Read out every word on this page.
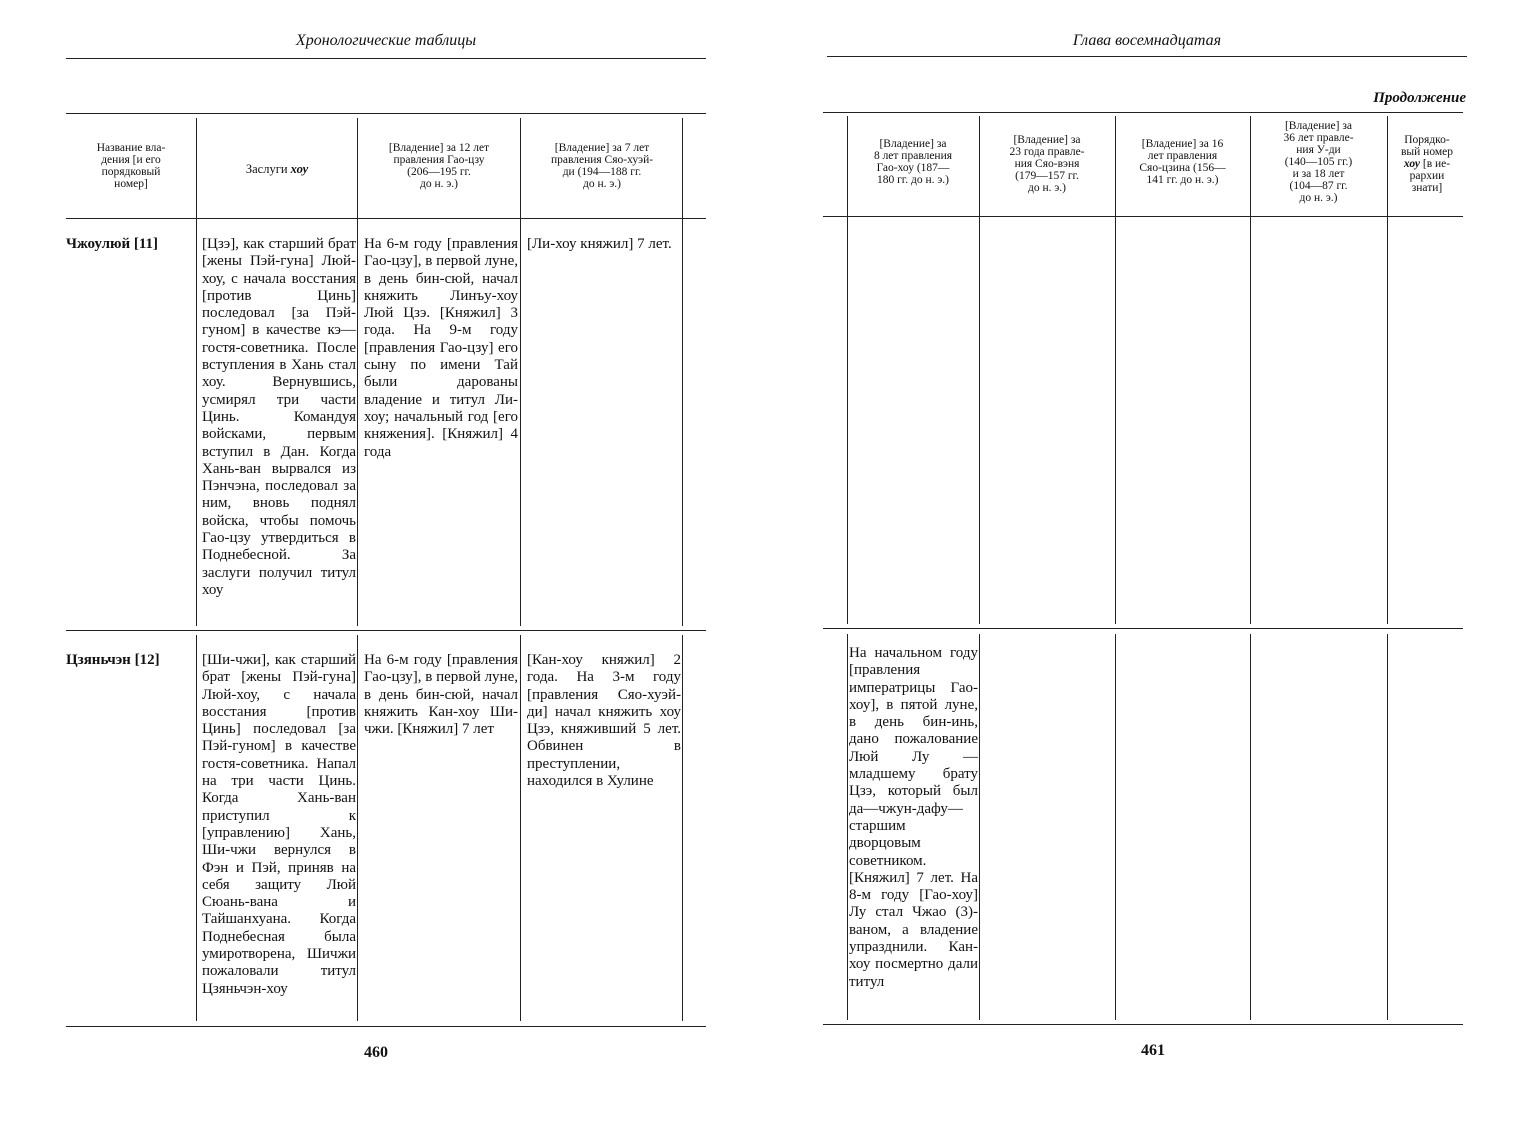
Хронологические таблицы
Название вла-
дения [и его
порядковый
номер]
Заслуги хоу
[Владение] за 12 лет
правления Гао-цзу
(206—195 гг.
до н. э.)
[Владение] за 7 лет
правления Сяо-хуэй-
ди (194—188 гг.
до н. э.)
Чжоулюй [11]	[Цзэ], как старший брат [жены Пэй-гуна] Люй-хоу, с начала восстания [против Цинь] последовал [за Пэй-гуном] в качестве кэ—гостя-советника. После вступления в Хань стал хоу. Вернувшись, усмирял три части Цинь. Командуя войсками, первым вступил в Дан. Когда Хань-ван вырвался из Пэнчэна, последовал за ним, вновь поднял войска, чтобы помочь Гао-цзу утвердиться в Поднебесной. За заслуги получил титул хоу
На 6-м году [правления Гао-цзу], в первой луне, в день бин-сюй, начал княжить Линъу-хоу Люй Цзэ. [Княжил] 3 года. На 9-м году [правления Гао-цзу] его сыну по имени Тай были дарованы владение и титул Ли-хоу; начальный год [его княжения]. [Княжил] 4 года
[Ли-хоу княжил] 7 лет.
Цзяньчэн [12]	[Ши-чжи], как старший брат [жены Пэй-гуна] Люй-хоу, с начала восстания [против Цинь] последовал [за Пэй-гуном] в качестве гостя-советника. Напал на три части Цинь. Когда Хань-ван приступил к [управлению] Хань, Ши-чжи вернулся в Фэн и Пэй, приняв на себя защиту Люй Сюань-вана и Тайшанхуана. Когда Поднебесная была умиротворена, Шичжи пожаловали титул Цзяньчэн-хоу
На 6-м году [правления Гао-цзу], в первой луне, в день бин-сюй, начал княжить Кан-хоу Ши-чжи. [Княжил] 7 лет
[Кан-хоу княжил] 2 года. На 3-м году [правления Сяо-хуэй-ди] начал княжить хоу Цзэ, княживший 5 лет. Обвинен в преступлении, находился в Хулине
460
Глава восемнадцатая
Продолжение
[Владение] за
8 лет правления
Гао-хоу (187—
180 гг. до н. э.)
[Владение] за
23 года правле-
ния Сяо-вэня
(179—157 гг.
до н. э.)
[Владение] за 16
лет правления
Сяо-цзина (156—
141 гг. до н. э.)
[Владение] за
36 лет правле-
ния У-ди
(140—105 гг.)
и за 18 лет
(104—87 гг.
до н. э.)
Порядко-
вый номер
хоу [в ие-
рархии
знати]
На начальном году [правления императрицы Гао-хоу], в пятой луне, в день бин-инь, дано пожалование Люй Лу —младшему брату Цзэ, который был да—чжун-дафу—старшим дворцовым советником. [Княжил] 7 лет. На 8-м году [Гао-хоу] Лу стал Чжао (3)-ваном, а владение упразднили. Кан-хоу посмертно дали титул
461
